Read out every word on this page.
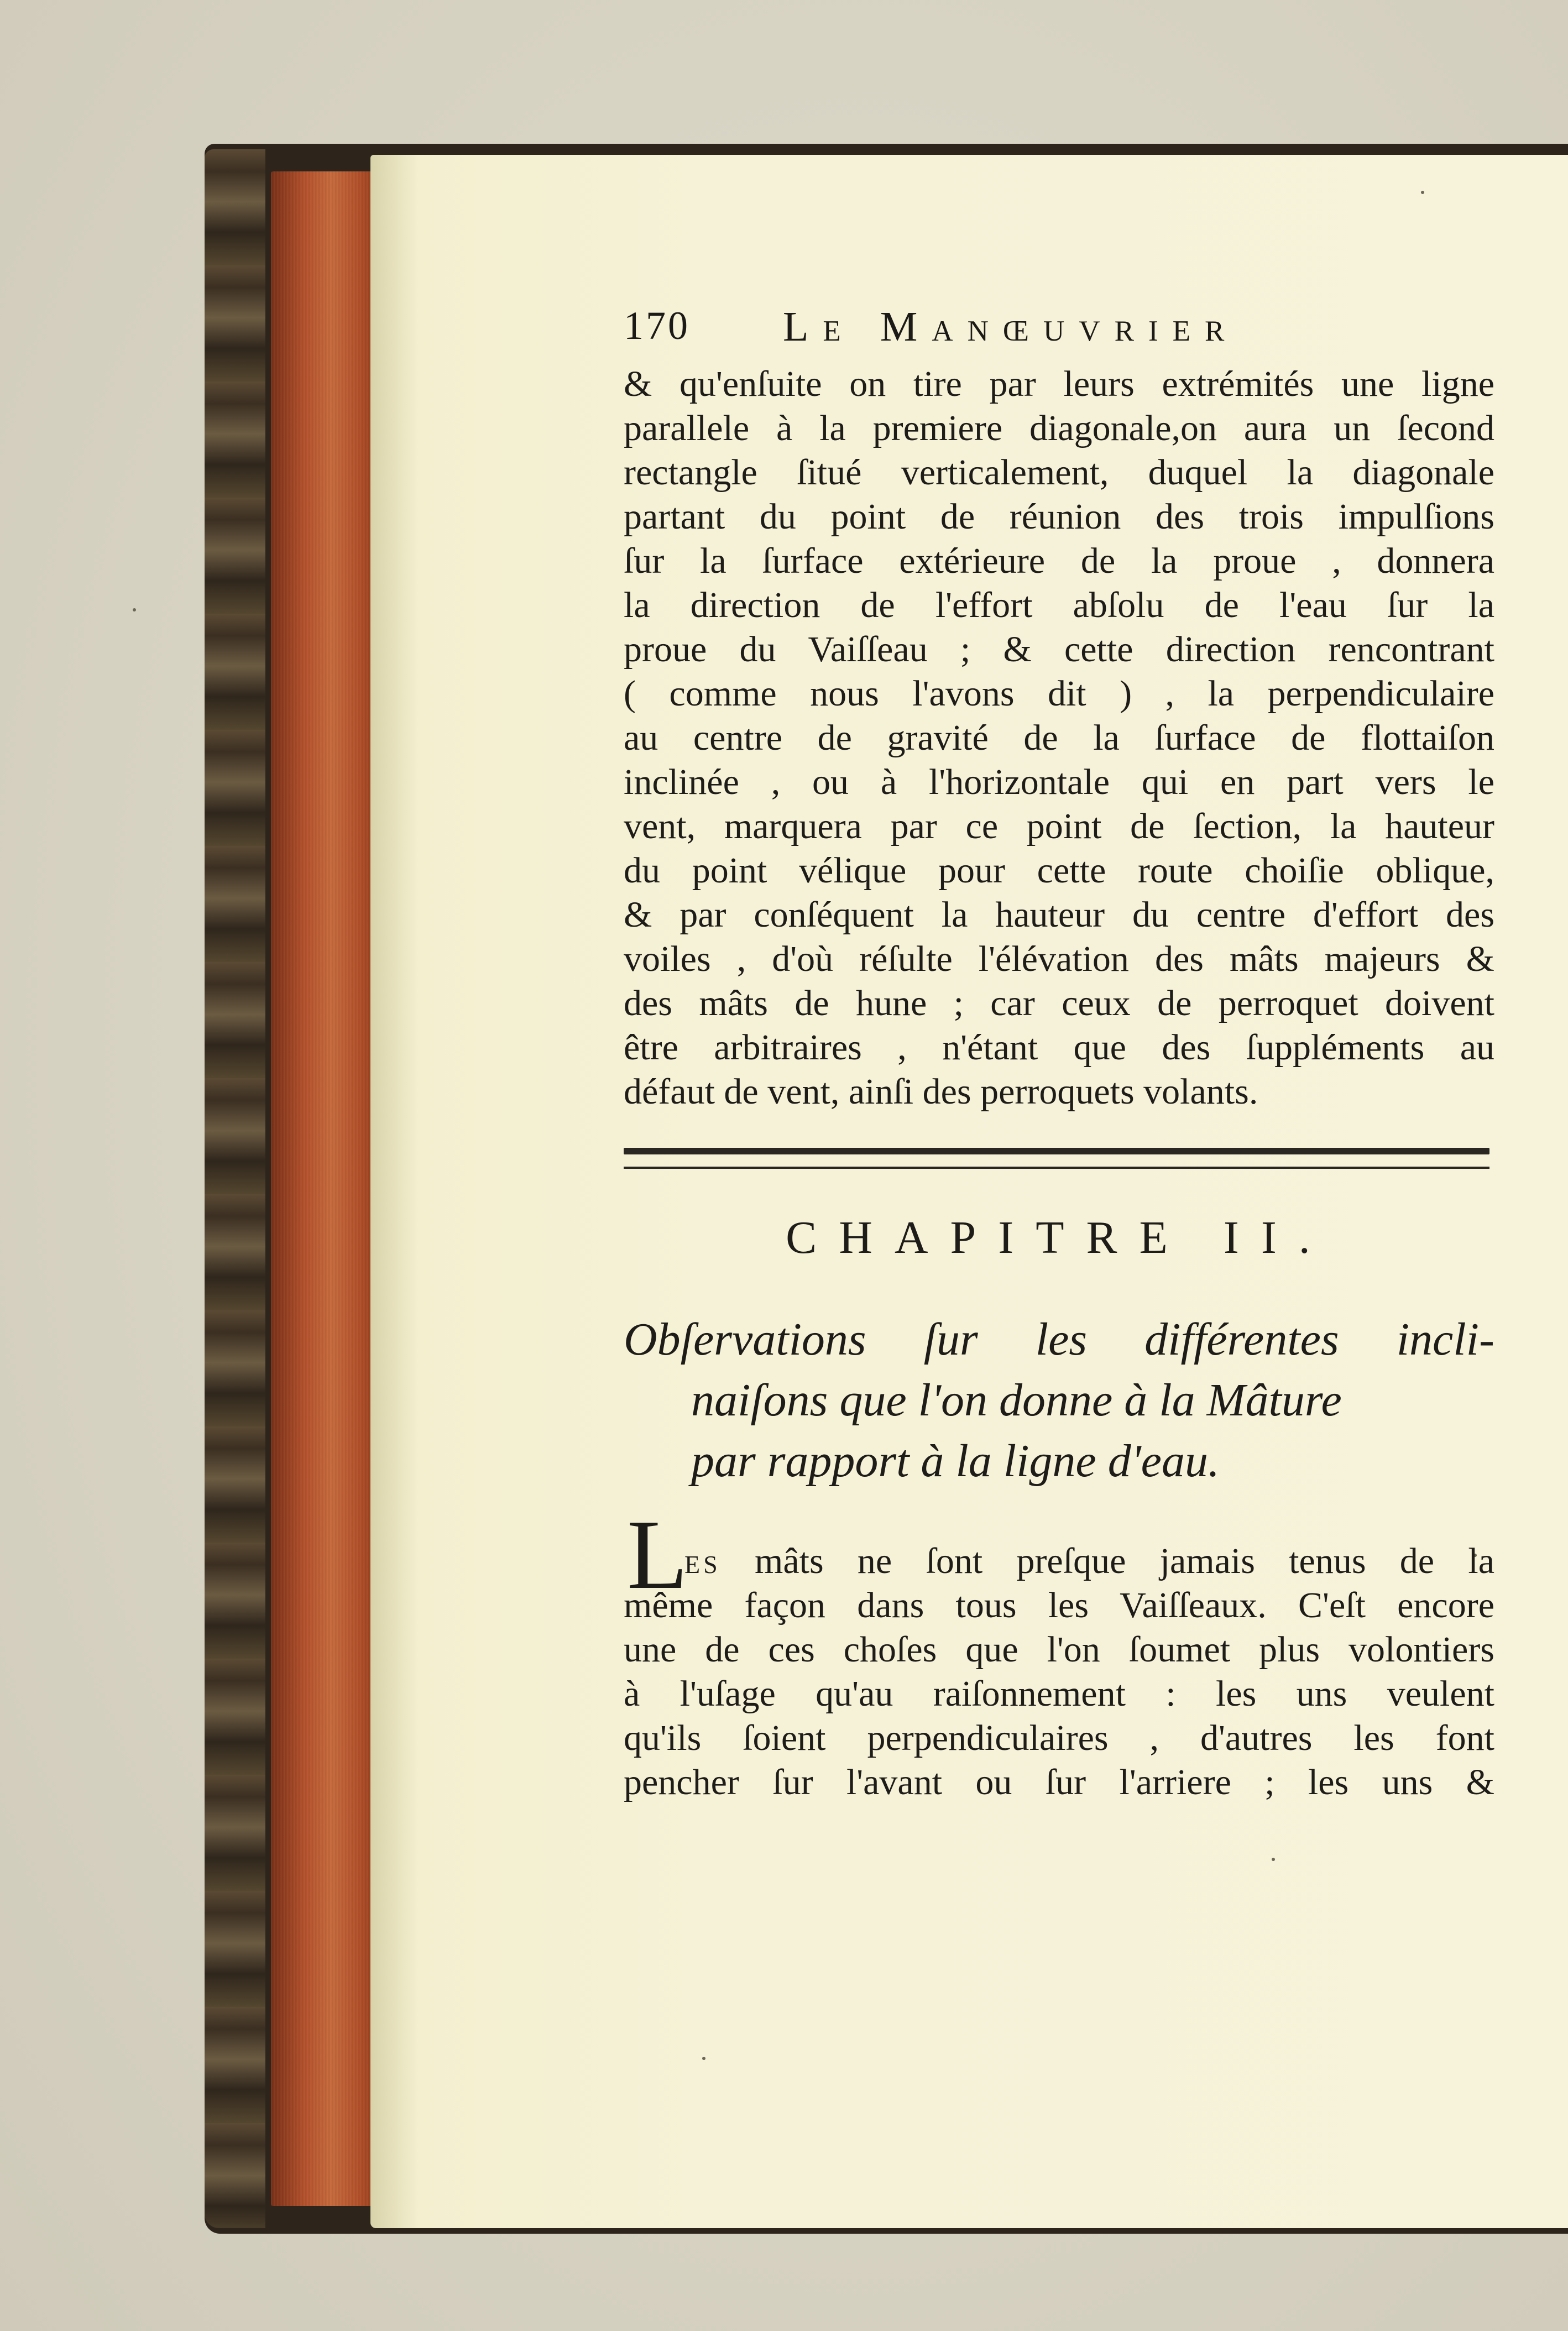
170 Le Manœuvrier
& qu'enſuite on tire par leurs extrémités une ligne
parallele à la premiere diagonale,on aura un ſecond
rectangle ſitué verticalement, duquel la diagonale
partant du point de réunion des trois impulſions
ſur la ſurface extérieure de la proue , donnera
la direction de l'effort abſolu de l'eau ſur la
proue du Vaiſſeau ; & cette direction rencontrant
( comme nous l'avons dit ) , la perpendiculaire
au centre de gravité de la ſurface de flottaiſon
inclinée , ou à l'horizontale qui en part vers le
vent, marquera par ce point de ſection, la hauteur
du point vélique pour cette route choiſie oblique,
& par conſéquent la hauteur du centre d'effort des
voiles , d'où réſulte l'élévation des mâts majeurs &
des mâts de hune ; car ceux de perroquet doivent
être arbitraires , n'étant que des ſuppléments au
défaut de vent, ainſi des perroquets volants.
CHAPITRE II.
Obſervations ſur les différentes incli-
naiſons que l'on donne à la Mâture
par rapport à la ligne d'eau.
L
es mâts ne ſont preſque jamais tenus de la
même façon dans tous les Vaiſſeaux. C'eſt encore
une de ces choſes que l'on ſoumet plus volontiers
à l'uſage qu'au raiſonnement : les uns veulent
qu'ils ſoient perpendiculaires , d'autres les font
pencher ſur l'avant ou ſur l'arriere ; les uns &
